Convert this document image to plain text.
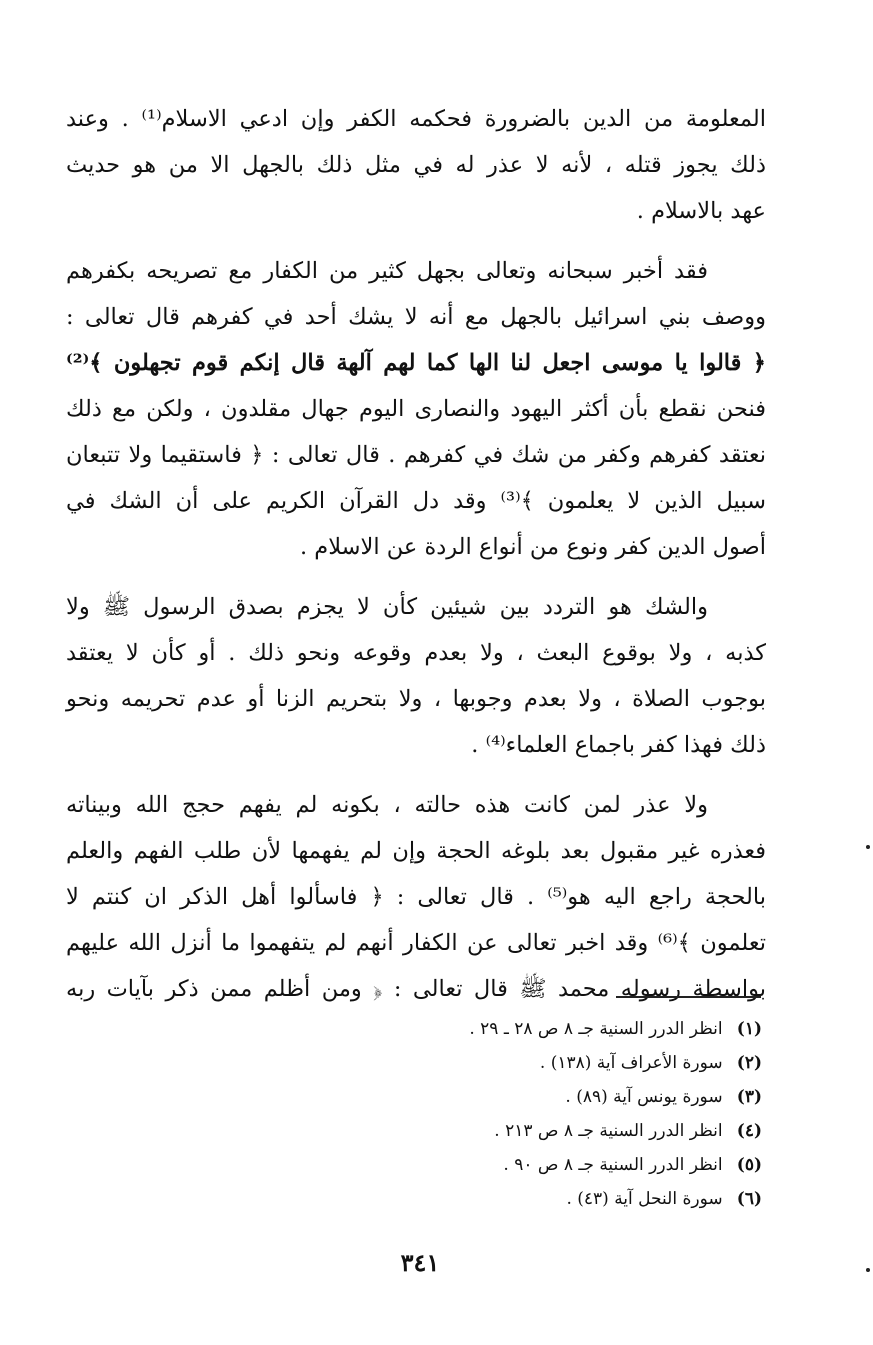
المعلومة من الدين بالضرورة فحكمه الكفر وإن ادعي الاسلام⁽¹⁾ . وعند
ذلك يجوز قتله ، لأنه لا عذر له في مثل ذلك بالجهل الا من هو حديث
عهد بالاسلام .
فقد أخبر سبحانه وتعالى بجهل كثير من الكفار مع تصريحه بكفرهم
ووصف بني اسرائيل بالجهل مع أنه لا يشك أحد في كفرهم قال تعالى :
﴿ قالوا يا موسى اجعل لنا الها كما لهم آلهة قال إنكم قوم تجهلون ﴾⁽²⁾
فنحن نقطع بأن أكثر اليهود والنصارى اليوم جهال مقلدون ، ولكن مع ذلك
نعتقد كفرهم وكفر من شك في كفرهم . قال تعالى : ﴿ فاستقيما ولا تتبعان
سبيل الذين لا يعلمون ﴾⁽³⁾ وقد دل القرآن الكريم على أن الشك في
أصول الدين كفر ونوع من أنواع الردة عن الاسلام .
والشك هو التردد بين شيئين كأن لا يجزم بصدق الرسول ﷺ ولا
كذبه ، ولا بوقوع البعث ، ولا بعدم وقوعه ونحو ذلك . أو كأن لا يعتقد
بوجوب الصلاة ، ولا بعدم وجوبها ، ولا بتحريم الزنا أو عدم تحريمه ونحو
ذلك فهذا كفر باجماع العلماء⁽⁴⁾ .
ولا عذر لمن كانت هذه حالته ، بكونه لم يفهم حجج الله وبيناته
فعذره غير مقبول بعد بلوغه الحجة وإن لم يفهمها لأن طلب الفهم والعلم
بالحجة راجع اليه هو⁽⁵⁾ . قال تعالى : ﴿ فاسألوا أهل الذكر ان كنتم لا
تعلمون ﴾⁽⁶⁾ وقد اخبر تعالى عن الكفار أنهم لم يتفهموا ما أنزل الله عليهم
بواسطة رسوله محمد ﷺ قال تعالى : ﴿ ومن أظلم ممن ذكر بآيات ربه
(١) انظر الدرر السنية جـ ٨ ص ٢٨ ـ ٢٩ .
(٢) سورة الأعراف آية (١٣٨) .
(٣) سورة يونس آية (٨٩) .
(٤) انظر الدرر السنية جـ ٨ ص ٢١٣ .
(٥) انظر الدرر السنية جـ ٨ ص ٩٠ .
(٦) سورة النحل آية (٤٣) .
٣٤١
